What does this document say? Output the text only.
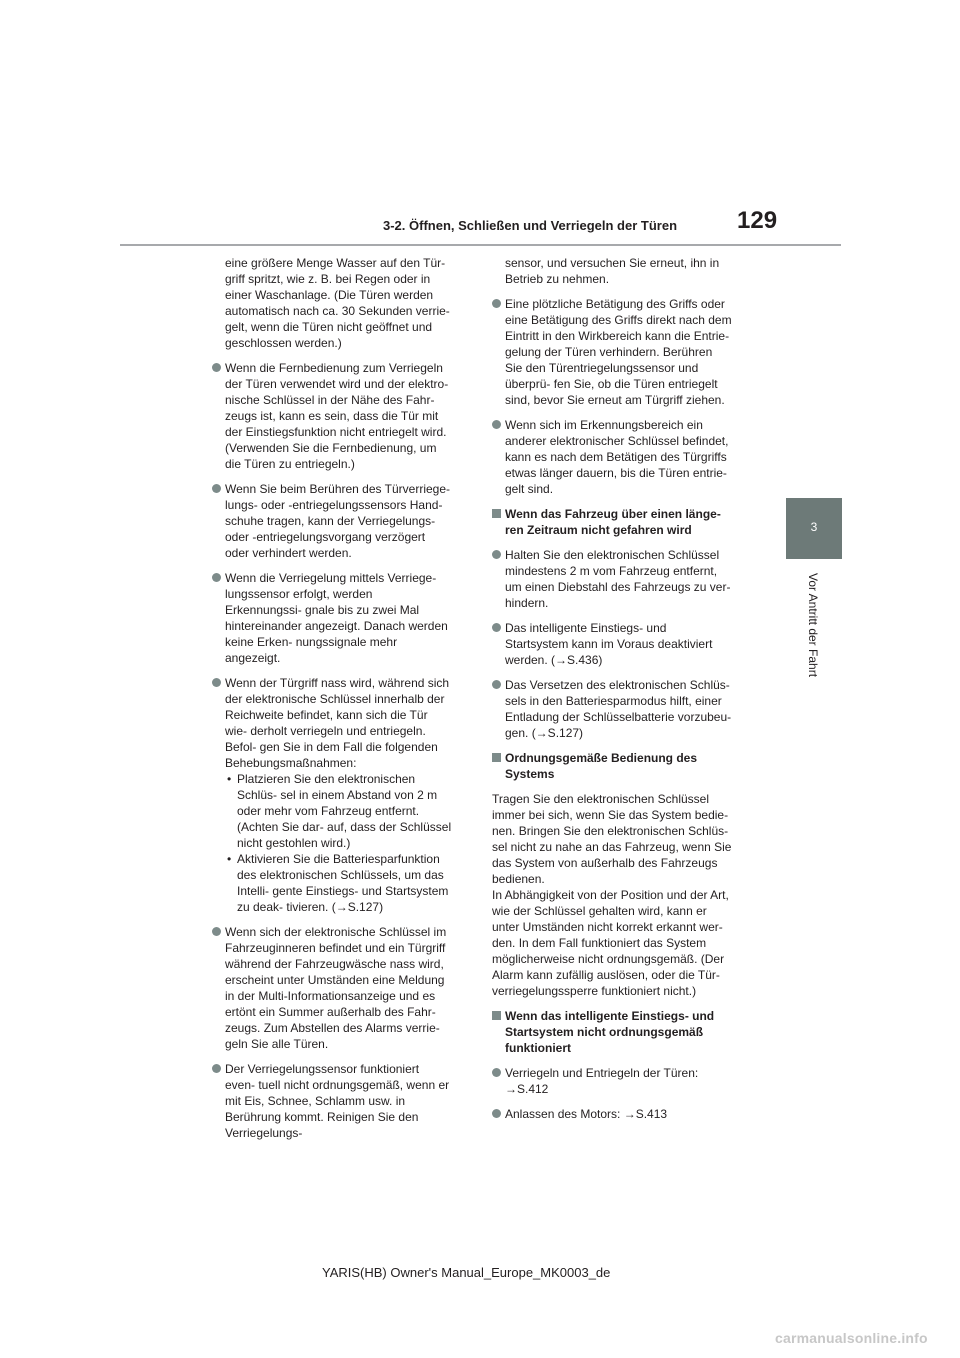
3-2. Öffnen, Schließen und Verriegeln der Türen 129
3
Vor Antritt der Fahrt

eine größere Menge Wasser auf den Tür- griff spritzt, wie z. B. bei Regen oder in einer Waschanlage. (Die Türen werden automatisch nach ca. 30 Sekunden verrie- gelt, wenn die Türen nicht geöffnet und geschlossen werden.)

Wenn die Fernbedienung zum Verriegeln der Türen verwendet wird und der elektro- nische Schlüssel in der Nähe des Fahr- zeugs ist, kann es sein, dass die Tür mit der Einstiegsfunktion nicht entriegelt wird. (Verwenden Sie die Fernbedienung, um die Türen zu entriegeln.)

Wenn Sie beim Berühren des Türverriege- lungs- oder -entriegelungssensors Hand- schuhe tragen, kann der Verriegelungs- oder -entriegelungsvorgang verzögert oder verhindert werden.

Wenn die Verriegelung mittels Verriege- lungssensor erfolgt, werden Erkennungssi- gnale bis zu zwei Mal hintereinander angezeigt. Danach werden keine Erken- nungssignale mehr angezeigt.

Wenn der Türgriff nass wird, während sich der elektronische Schlüssel innerhalb der Reichweite befindet, kann sich die Tür wie- derholt verriegeln und entriegeln. Befol- gen Sie in dem Fall die folgenden Behebungsmaßnahmen:

• Platzieren Sie den elektronischen Schlüs- sel in einem Abstand von 2 m oder mehr vom Fahrzeug entfernt. (Achten Sie dar- auf, dass der Schlüssel nicht gestohlen wird.)
• Aktivieren Sie die Batteriesparfunktion des elektronischen Schlüssels, um das Intelli- gente Einstiegs- und Startsystem zu deak- tivieren. (→S.127)

Wenn sich der elektronische Schlüssel im Fahrzeuginneren befindet und ein Türgriff während der Fahrzeugwäsche nass wird, erscheint unter Umständen eine Meldung in der Multi-Informationsanzeige und es ertönt ein Summer außerhalb des Fahr- zeugs. Zum Abstellen des Alarms verrie- geln Sie alle Türen.

Der Verriegelungssensor funktioniert even- tuell nicht ordnungsgemäß, wenn er mit Eis, Schnee, Schlamm usw. in Berührung kommt. Reinigen Sie den Verriegelungs-

sensor, und versuchen Sie erneut, ihn in Betrieb zu nehmen.

Eine plötzliche Betätigung des Griffs oder eine Betätigung des Griffs direkt nach dem Eintritt in den Wirkbereich kann die Entrie- gelung der Türen verhindern. Berühren Sie den Türentriegelungssensor und überprü- fen Sie, ob die Türen entriegelt sind, bevor Sie erneut am Türgriff ziehen.

Wenn sich im Erkennungsbereich ein anderer elektronischer Schlüssel befindet, kann es nach dem Betätigen des Türgriffs etwas länger dauern, bis die Türen entrie- gelt sind.

Wenn das Fahrzeug über einen länge- ren Zeitraum nicht gefahren wird

Halten Sie den elektronischen Schlüssel mindestens 2 m vom Fahrzeug entfernt, um einen Diebstahl des Fahrzeugs zu ver- hindern.

Das intelligente Einstiegs- und Startsystem kann im Voraus deaktiviert werden. (→S.436)

Das Versetzen des elektronischen Schlüs- sels in den Batteriesparmodus hilft, einer Entladung der Schlüsselbatterie vorzubeu- gen. (→S.127)

Ordnungsgemäße Bedienung des Systems

Tragen Sie den elektronischen Schlüssel immer bei sich, wenn Sie das System bedie- nen. Bringen Sie den elektronischen Schlüs- sel nicht zu nahe an das Fahrzeug, wenn Sie das System von außerhalb des Fahrzeugs bedienen.

In Abhängigkeit von der Position und der Art, wie der Schlüssel gehalten wird, kann er unter Umständen nicht korrekt erkannt wer- den. In dem Fall funktioniert das System möglicherweise nicht ordnungsgemäß. (Der Alarm kann zufällig auslösen, oder die Tür- verriegelungssperre funktioniert nicht.)

Wenn das intelligente Einstiegs- und Startsystem nicht ordnungsgemäß funktioniert

Verriegeln und Entriegeln der Türen: →S.412

Anlassen des Motors: →S.413

YARIS(HB) Owner's Manual_Europe_MK0003_de
carmanualsonline.info
